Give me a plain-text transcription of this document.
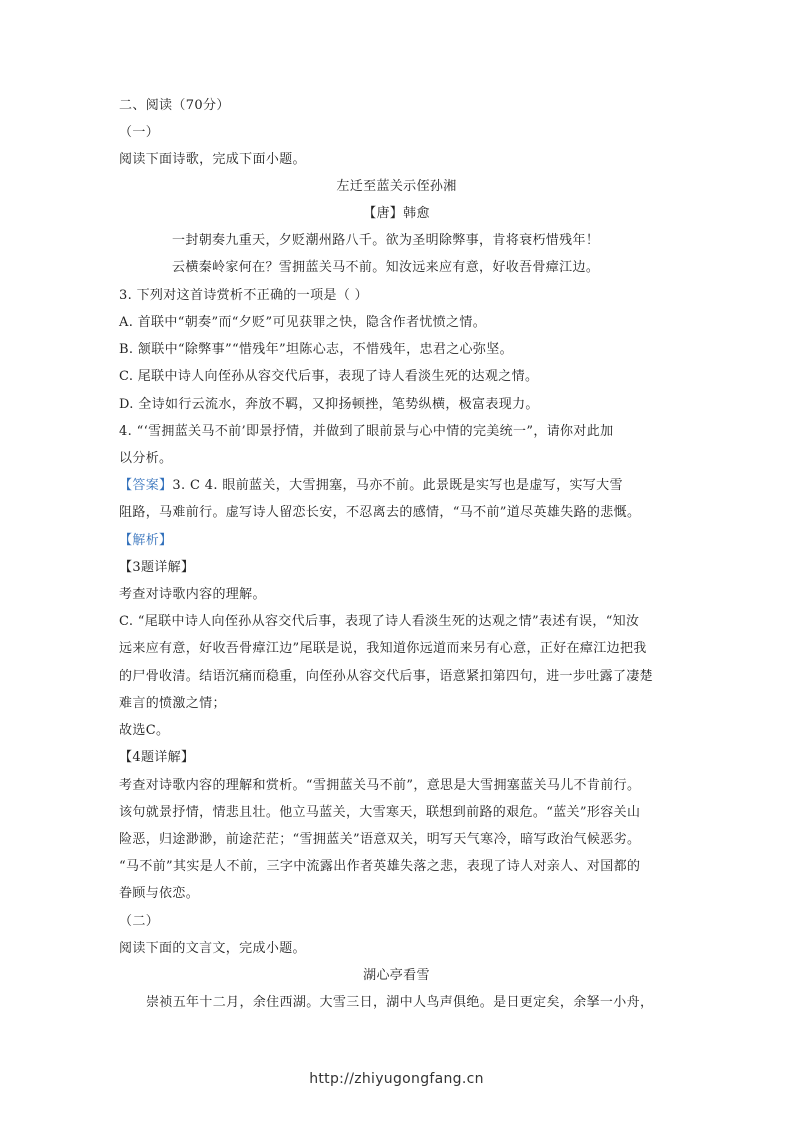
二、阅读（70分）
（一）
阅读下面诗歌，完成下面小题。
左迁至蓝关示侄孙湘
【唐】韩愈
一封朝奏九重天，夕贬潮州路八千。欲为圣明除弊事，肯将衰朽惜残年！
云横秦岭家何在？雪拥蓝关马不前。知汝远来应有意，好收吾骨瘴江边。
3. 下列对这首诗赏析不正确的一项是（ ）
A. 首联中“朝奏”而“夕贬”可见获罪之快，隐含作者忧愤之情。
B. 颔联中“除弊事”“惜残年”坦陈心志，不惜残年，忠君之心弥坚。
C. 尾联中诗人向侄孙从容交代后事，表现了诗人看淡生死的达观之情。
D. 全诗如行云流水，奔放不羁，又抑扬顿挫，笔势纵横，极富表现力。
4. “‘雪拥蓝关马不前’即景抒情，并做到了眼前景与心中情的完美统一”，请你对此加
以分析。
【答案】3. C 4. 眼前蓝关，大雪拥塞，马亦不前。此景既是实写也是虚写，实写大雪
阻路，马难前行。虚写诗人留恋长安，不忍离去的感情，“马不前”道尽英雄失路的悲慨。
【解析】
【3题详解】
考查对诗歌内容的理解。
C. “尾联中诗人向侄孙从容交代后事，表现了诗人看淡生死的达观之情”表述有误，“知汝
远来应有意，好收吾骨瘴江边”尾联是说，我知道你远道而来另有心意，正好在瘴江边把我
的尸骨收清。结语沉痛而稳重，向侄孙从容交代后事，语意紧扣第四句，进一步吐露了凄楚
难言的愤激之情；
故选C。
【4题详解】
考查对诗歌内容的理解和赏析。“雪拥蓝关马不前”，意思是大雪拥塞蓝关马儿不肯前行。
该句就景抒情，情悲且壮。他立马蓝关，大雪寒天，联想到前路的艰危。“蓝关”形容关山
险恶，归途渺渺，前途茫茫；“雪拥蓝关”语意双关，明写天气寒冷，暗写政治气候恶劣。
“马不前”其实是人不前，三字中流露出作者英雄失落之悲，表现了诗人对亲人、对国都的
眷顾与依恋。
（二）
阅读下面的文言文，完成小题。
湖心亭看雪
崇祯五年十二月，余住西湖。大雪三日，湖中人鸟声俱绝。是日更定矣，余拏一小舟，
http://zhiyugongfang.cn
